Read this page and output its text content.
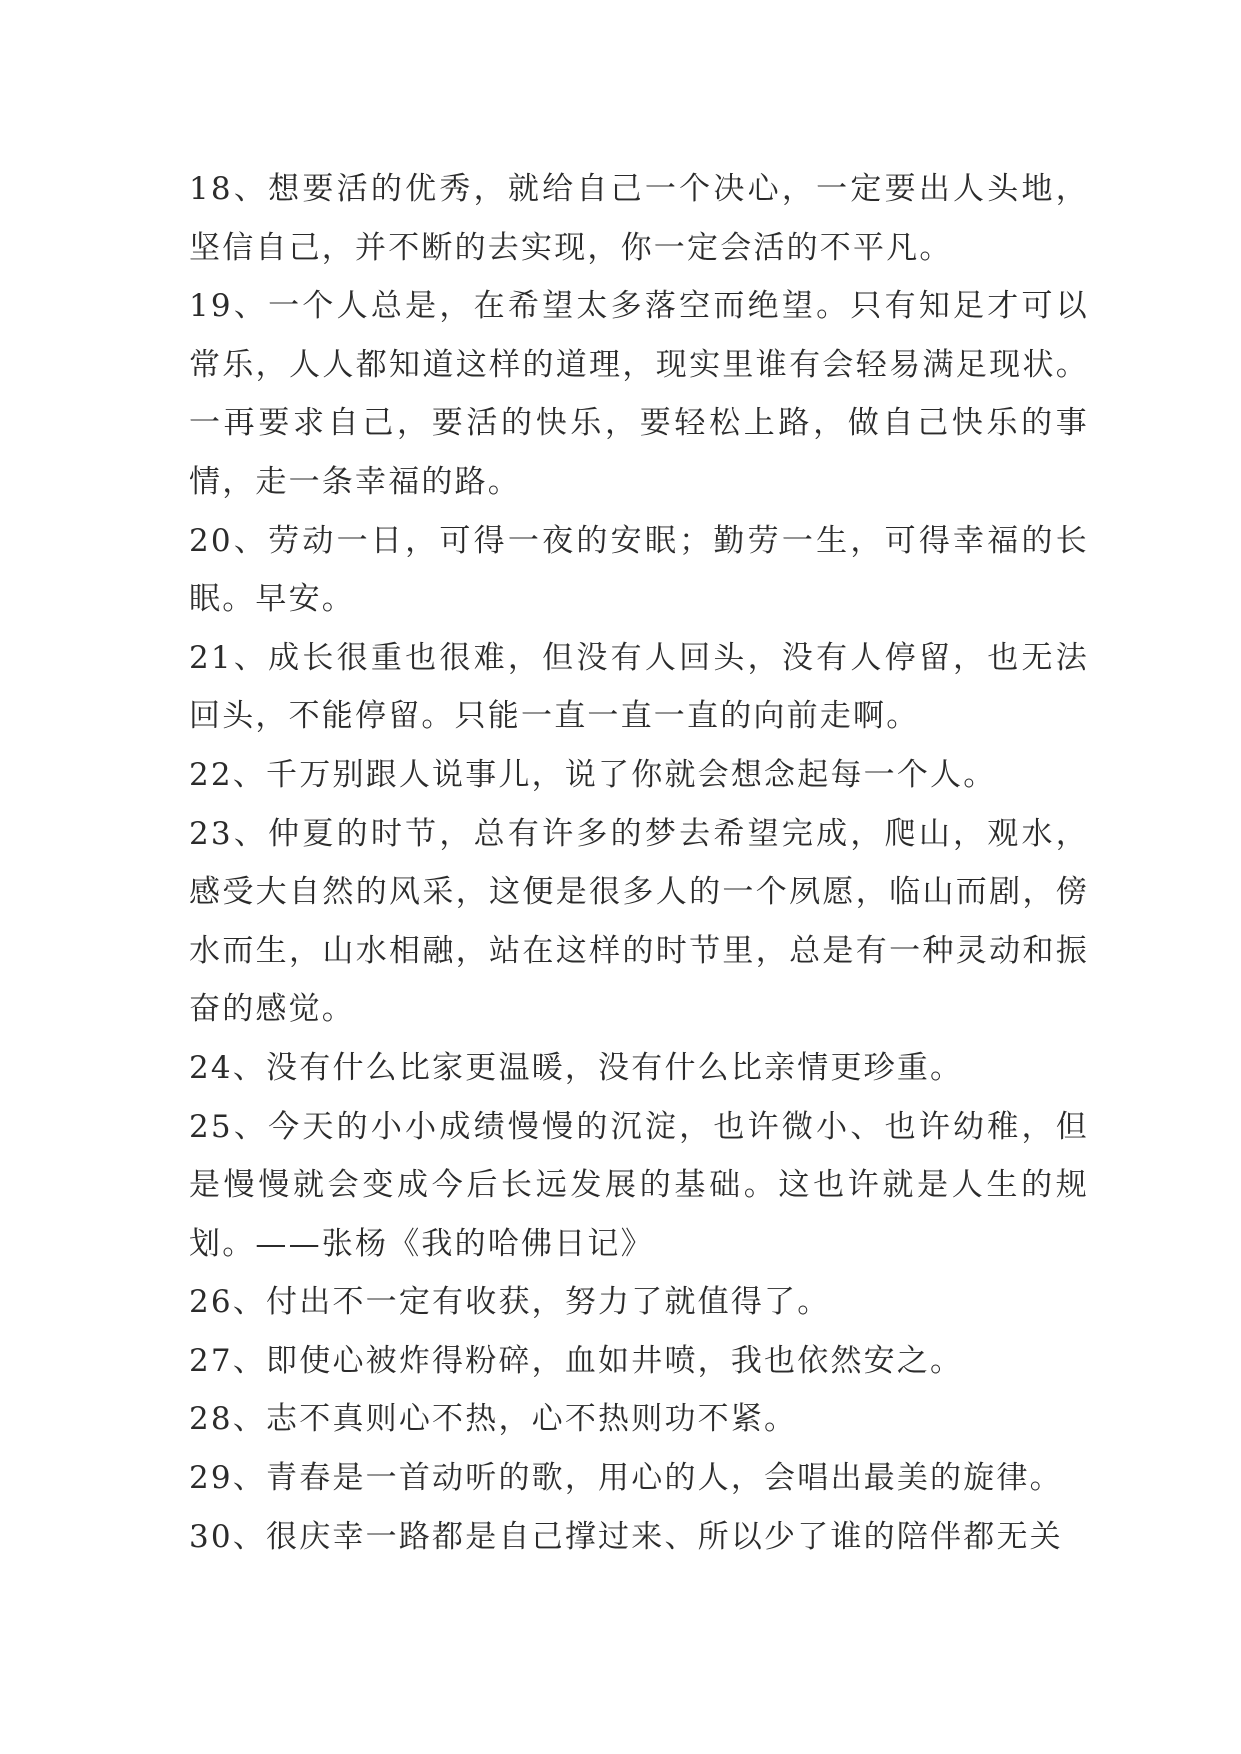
18、想要活的优秀，就给自己一个决心，一定要出人头地，坚信自己，并不断的去实现，你一定会活的不平凡。

19、一个人总是，在希望太多落空而绝望。只有知足才可以常乐，人人都知道这样的道理，现实里谁有会轻易满足现状。一再要求自己，要活的快乐，要轻松上路，做自己快乐的事情，走一条幸福的路。

20、劳动一日，可得一夜的安眠；勤劳一生，可得幸福的长眠。早安。

21、成长很重也很难，但没有人回头，没有人停留，也无法回头，不能停留。只能一直一直一直的向前走啊。

22、千万别跟人说事儿，说了你就会想念起每一个人。

23、仲夏的时节，总有许多的梦去希望完成，爬山，观水，感受大自然的风采，这便是很多人的一个夙愿，临山而剧，傍水而生，山水相融，站在这样的时节里，总是有一种灵动和振奋的感觉。

24、没有什么比家更温暖，没有什么比亲情更珍重。

25、今天的小小成绩慢慢的沉淀，也许微小、也许幼稚，但是慢慢就会变成今后长远发展的基础。这也许就是人生的规划。——张杨《我的哈佛日记》

26、付出不一定有收获，努力了就值得了。

27、即使心被炸得粉碎，血如井喷，我也依然安之。

28、志不真则心不热，心不热则功不紧。

29、青春是一首动听的歌，用心的人，会唱出最美的旋律。

30、很庆幸一路都是自己撑过来、所以少了谁的陪伴都无关
